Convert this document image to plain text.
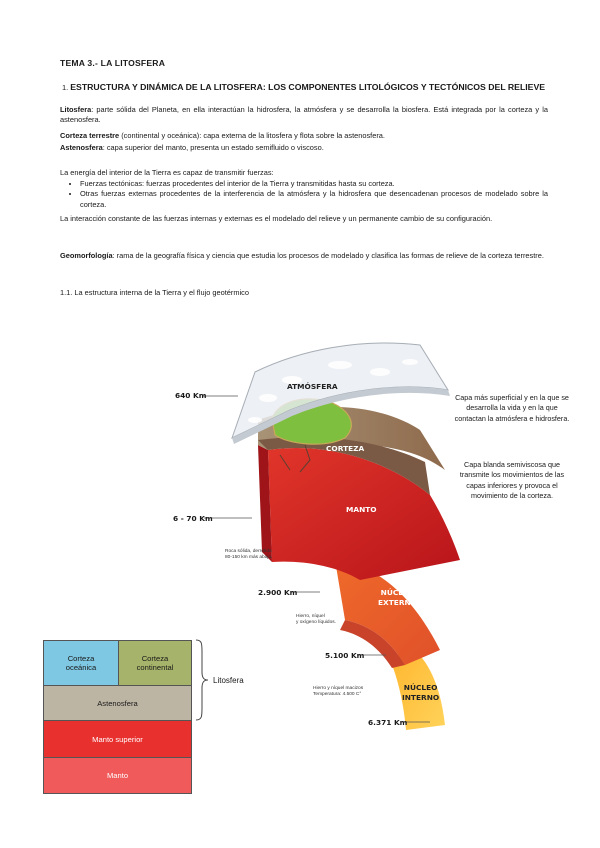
TEMA 3.- LA LITOSFERA
1. ESTRUCTURA Y DINÁMICA DE LA LITOSFERA: LOS COMPONENTES LITOLÓGICOS Y TECTÓNICOS DEL RELIEVE
Litosfera: parte sólida del Planeta, en ella interactúan la hidrosfera, la atmósfera y se desarrolla la biosfera. Está integrada por la corteza y la astenosfera.
Corteza terrestre (continental y oceánica): capa externa de la litosfera y flota sobre la astenosfera.
Astenosfera: capa superior del manto, presenta un estado semifluido o viscoso.
La energía del interior de la Tierra es capaz de transmitir fuerzas:
• Fuerzas tectónicas: fuerzas procedentes del interior de la Tierra y transmitidas hasta su corteza.
• Otras fuerzas externas procedentes de la interferencia de la atmósfera y la hidrosfera que desencadenan procesos de modelado sobre la corteza.
La interacción constante de las fuerzas internas y externas es el modelado del relieve y un permanente cambio de su configuración.
Geomorfología: rama de la geografía física y ciencia que estudia los procesos de modelado y clasifica las formas de relieve de la corteza terrestre.
1.1. La estructura interna de la Tierra y el flujo geotérmico
ATMÓSFERA
CORTEZA
MANTO
NÚCLEO
EXTERNO
NÚCLEO
INTERNO
640 Km
6 - 70 Km
2.900 Km
5.100 Km
6.371 Km
Roca sólida, derretida
80-150 km más abajo.
Hierro, níquel
y oxígeno líquidos.
Hierro y níquel macizos
Temperatura: 4.500 C°
Capa más superficial y en la que se desarrolla la vida y en la que contactan la atmósfera e hidrosfera.
Capa blanda semiviscosa que transmite los movimientos de las capas inferiores y provoca el movimiento de la corteza.
Corteza
oceánica
Corteza
continental
Astenosfera
Manto superior
Manto
Litosfera
